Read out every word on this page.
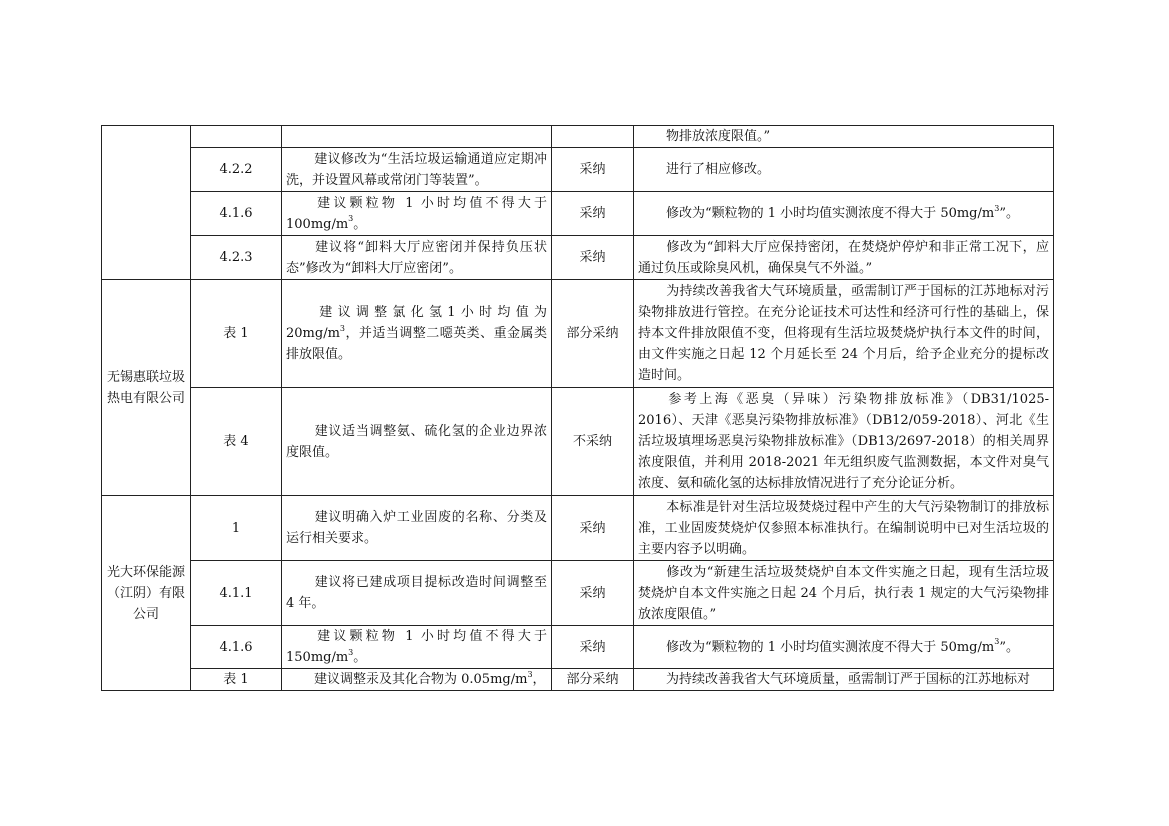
				物排放浓度限值。”
	4.2.2	建议修改为“生活垃圾运输通道应定期冲洗，并设置风幕或常闭门等装置”。	采纳	进行了相应修改。
	4.1.6	建议颗粒物 1 小时均值不得大于 $100mg/m^3$。	采纳	修改为“颗粒物的 1 小时均值实测浓度不得大于 $50mg/m^3$”。
	4.2.3	建议将“卸料大厅应密闭并保持负压状态”修改为“卸料大厅应密闭”。	采纳	修改为“卸料大厅应保持密闭，在焚烧炉停炉和非正常工况下，应通过负压或除臭风机，确保臭气不外溢。”
无锡惠联垃圾热电有限公司	表 1	建议调整氯化氢1小时均值为$20mg/m^3$，并适当调整二噁英类、重金属类排放限值。	部分采纳	为持续改善我省大气环境质量，亟需制订严于国标的江苏地标对污染物排放进行管控。在充分论证技术可达性和经济可行性的基础上，保持本文件排放限值不变，但将现有生活垃圾焚烧炉执行本文件的时间，由文件实施之日起 12 个月延长至 24 个月后，给予企业充分的提标改造时间。
	表 4	建议适当调整氨、硫化氢的企业边界浓度限值。	不采纳	参考上海《恶臭（异味）污染物排放标准》（DB31/1025-2016）、天津《恶臭污染物排放标准》（DB12/059-2018）、河北《生活垃圾填埋场恶臭污染物排放标准》（DB13/2697-2018）的相关周界浓度限值，并利用 2018-2021 年无组织废气监测数据，本文件对臭气浓度、氨和硫化氢的达标排放情况进行了充分论证分析。
光大环保能源（江阴）有限公司	1	建议明确入炉工业固废的名称、分类及运行相关要求。	采纳	本标准是针对生活垃圾焚烧过程中产生的大气污染物制订的排放标准，工业固废焚烧炉仅参照本标准执行。在编制说明中已对生活垃圾的主要内容予以明确。
	4.1.1	建议将已建成项目提标改造时间调整至 4 年。	采纳	修改为“新建生活垃圾焚烧炉自本文件实施之日起，现有生活垃圾焚烧炉自本文件实施之日起 24 个月后，执行表 1 规定的大气污染物排放浓度限值。”
	4.1.6	建议颗粒物 1 小时均值不得大于 $150mg/m^3$。	采纳	修改为“颗粒物的 1 小时均值实测浓度不得大于 $50mg/m^3$”。
	表 1	建议调整汞及其化合物为 $0.05mg/m^3$，	部分采纳	为持续改善我省大气环境质量，亟需制订严于国标的江苏地标对
